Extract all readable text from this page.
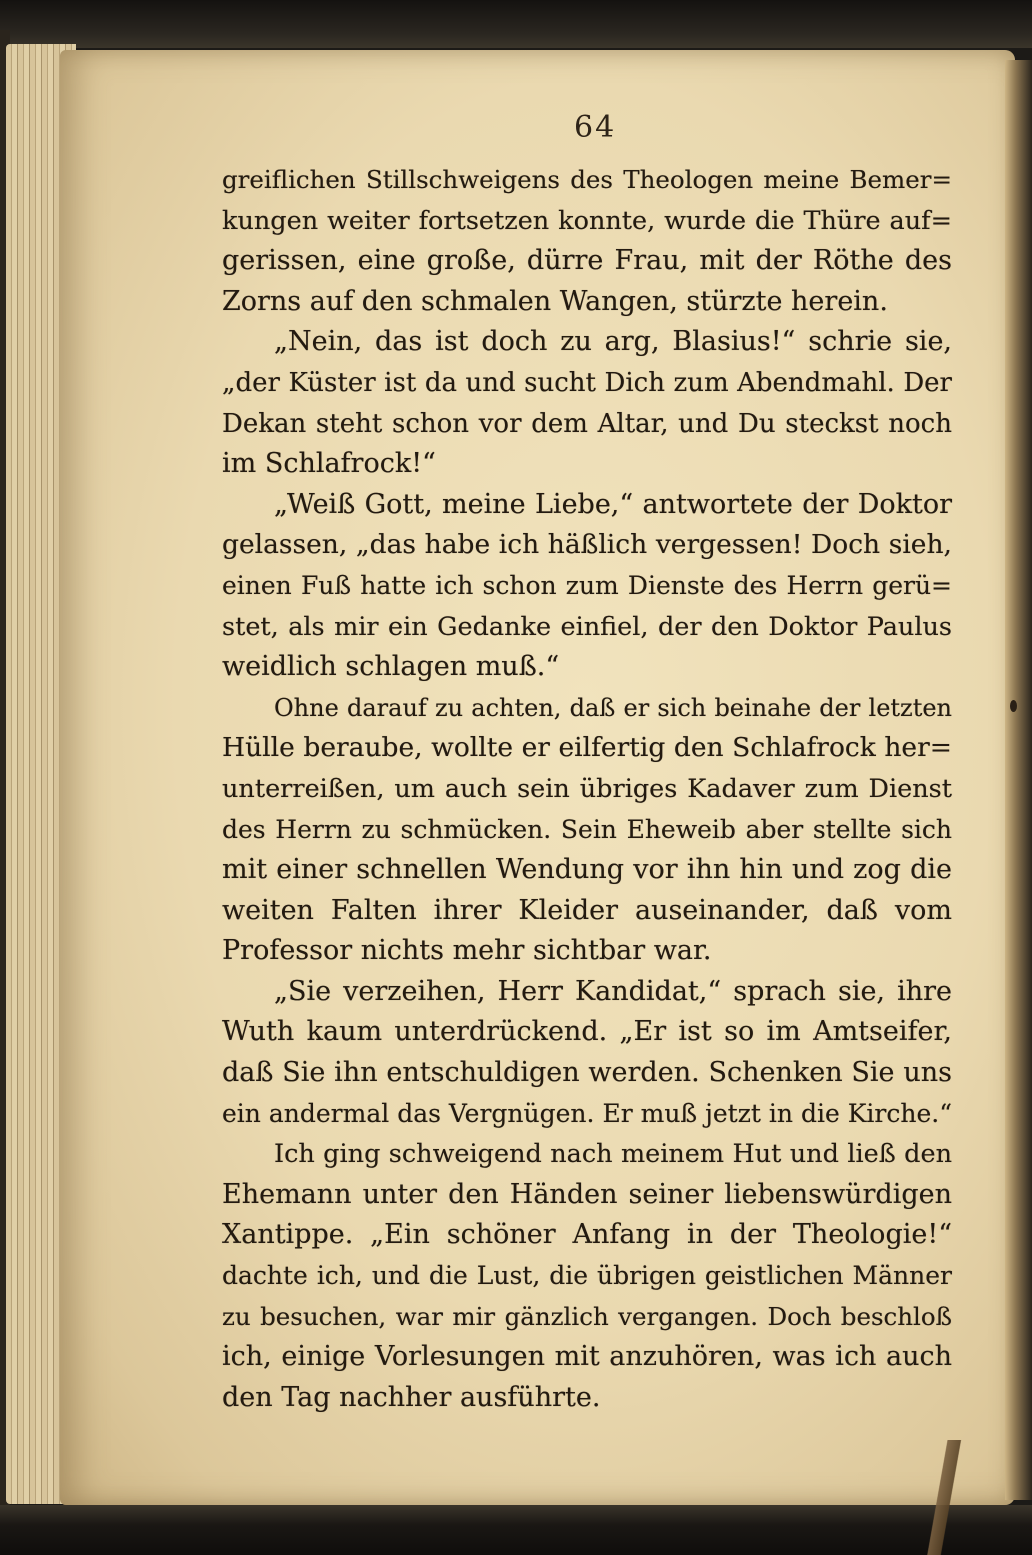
64
greiflichen Stillschweigens des Theologen meine Bemer=
kungen weiter fortsetzen konnte, wurde die Thüre auf=
gerissen, eine große, dürre Frau, mit der Röthe des
Zorns auf den schmalen Wangen, stürzte herein.
„Nein, das ist doch zu arg, Blasius!“ schrie sie,
„der Küster ist da und sucht Dich zum Abendmahl. Der
Dekan steht schon vor dem Altar, und Du steckst noch
im Schlafrock!“
„Weiß Gott, meine Liebe,“ antwortete der Doktor
gelassen, „das habe ich häßlich vergessen! Doch sieh,
einen Fuß hatte ich schon zum Dienste des Herrn gerü=
stet, als mir ein Gedanke einfiel, der den Doktor Paulus
weidlich schlagen muß.“
Ohne darauf zu achten, daß er sich beinahe der letzten
Hülle beraube, wollte er eilfertig den Schlafrock her=
unterreißen, um auch sein übriges Kadaver zum Dienst
des Herrn zu schmücken. Sein Eheweib aber stellte sich
mit einer schnellen Wendung vor ihn hin und zog die
weiten Falten ihrer Kleider auseinander, daß vom
Professor nichts mehr sichtbar war.
„Sie verzeihen, Herr Kandidat,“ sprach sie, ihre
Wuth kaum unterdrückend. „Er ist so im Amtseifer,
daß Sie ihn entschuldigen werden. Schenken Sie uns
ein andermal das Vergnügen. Er muß jetzt in die Kirche.“
Ich ging schweigend nach meinem Hut und ließ den
Ehemann unter den Händen seiner liebenswürdigen
Xantippe. „Ein schöner Anfang in der Theologie!“
dachte ich, und die Lust, die übrigen geistlichen Männer
zu besuchen, war mir gänzlich vergangen. Doch beschloß
ich, einige Vorlesungen mit anzuhören, was ich auch
den Tag nachher ausführte.
